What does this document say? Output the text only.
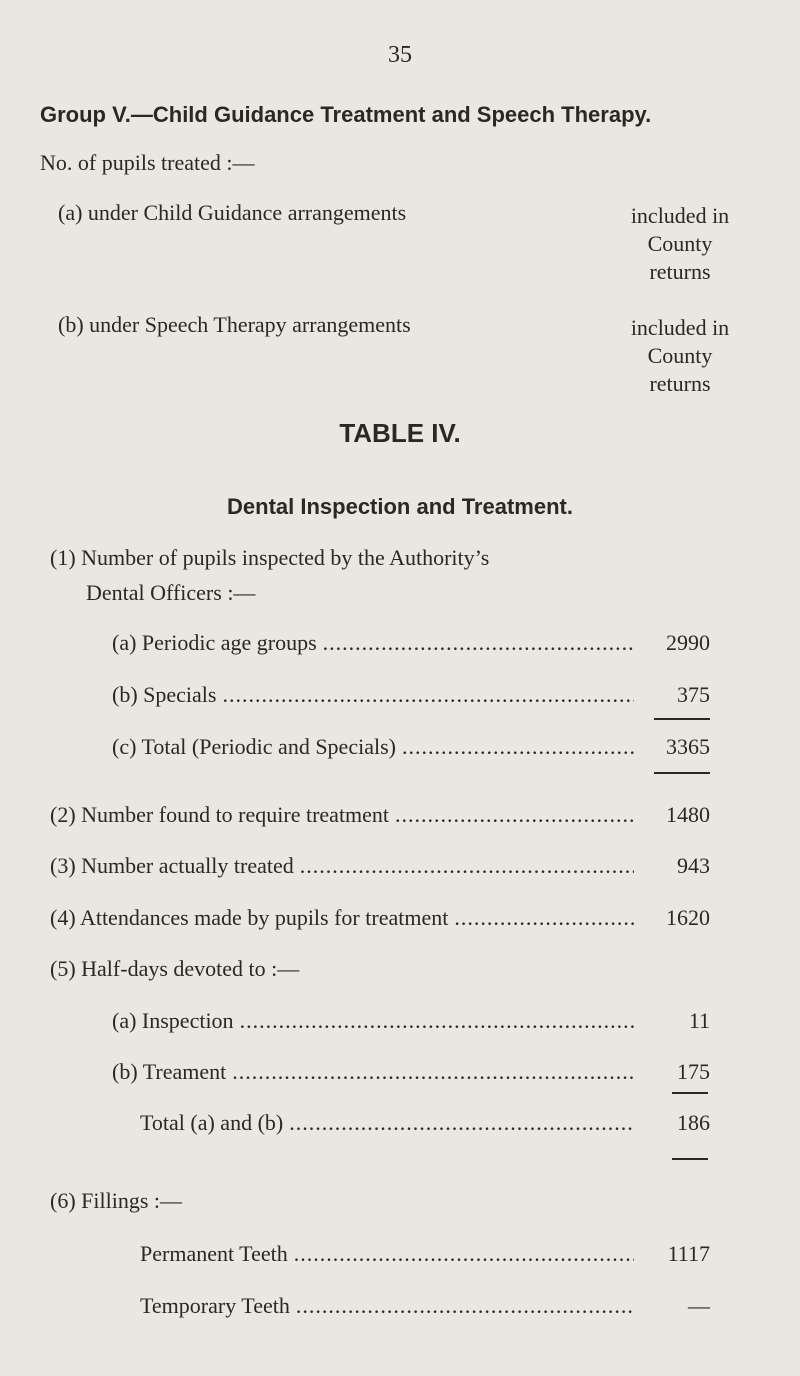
35
Group V.—Child Guidance Treatment and Speech Therapy.
No. of pupils treated :—
(a) under Child Guidance arrangements	included in
County
returns
(b) under Speech Therapy arrangements	included in
County
returns
TABLE IV.
Dental Inspection and Treatment.
(1) Number of pupils inspected by the Authority’s
Dental Officers :—
(a) Periodic age groups .....	2990
(b) Specials .....	375
(c) Total (Periodic and Specials) .....	3365
(2) Number found to require treatment .....	1480
(3) Number actually treated .....	943
(4) Attendances made by pupils for treatment .....	1620
(5) Half-days devoted to :—
(a) Inspection .....	11
(b) Treament .....	175
Total (a) and (b) .....	186
(6) Fillings :—
Permanent Teeth .....	1117
Temporary Teeth .....	—
